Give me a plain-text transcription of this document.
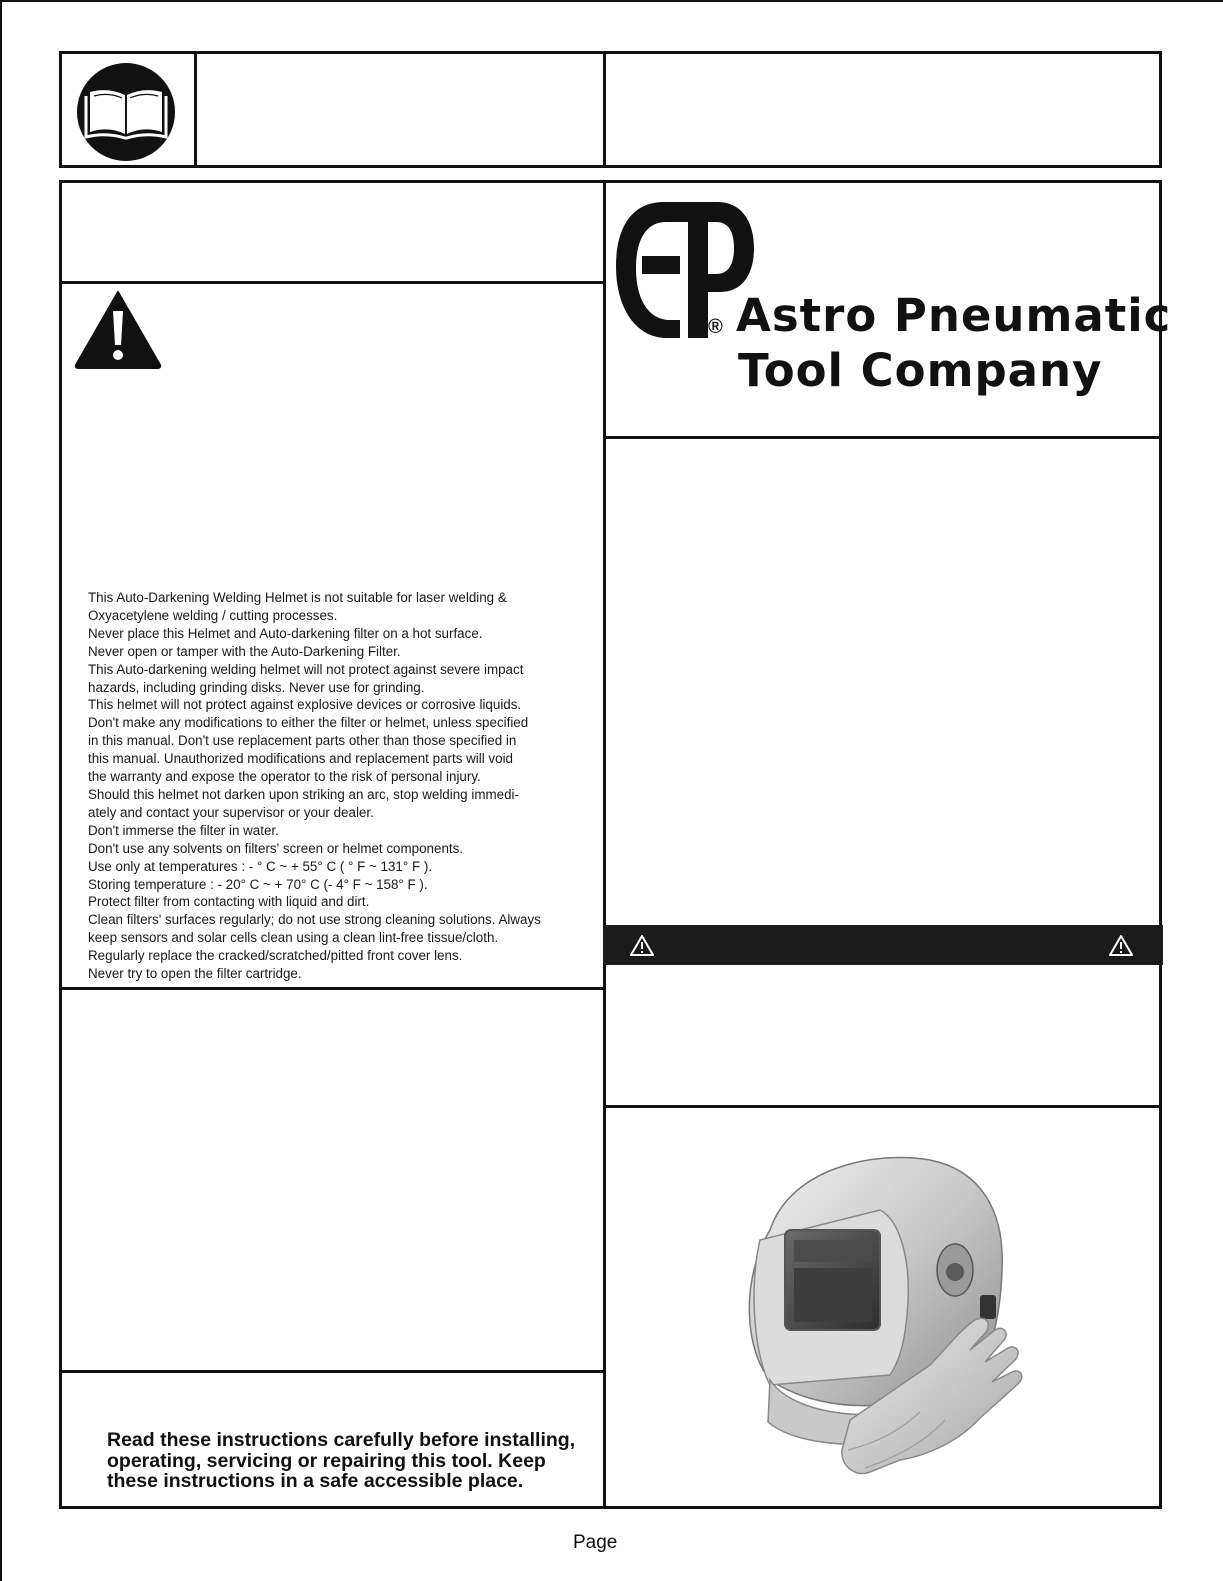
This Auto-Darkening Welding Helmet is not suitable for laser welding &
Oxyacetylene welding / cutting processes.
Never place this Helmet and Auto-darkening filter on a hot surface.
Never open or tamper with the Auto-Darkening Filter.
This Auto-darkening welding helmet will not protect against severe impact
hazards, including grinding disks. Never use for grinding.
This helmet will not protect against explosive devices or corrosive liquids.
Don't make any modifications to either the filter or helmet, unless specified
in this manual. Don't use replacement parts other than those specified in
this manual. Unauthorized modifications and replacement parts will void
the warranty and expose the operator to the risk of personal injury.
Should this helmet not darken upon striking an arc, stop welding immedi-
ately and contact your supervisor or your dealer.
Don't immerse the filter in water.
Don't use any solvents on filters' screen or helmet components.
Use only at temperatures : - ° C ~ + 55° C ( ° F ~ 131° F ).
Storing temperature : - 20° C ~ + 70° C (- 4° F ~ 158° F ).
Protect filter from contacting with liquid and dirt.
Clean filters' surfaces regularly; do not use strong cleaning solutions. Always
keep sensors and solar cells clean using a clean lint-free tissue/cloth.
Regularly replace the cracked/scratched/pitted front cover lens.
Never try to open the filter cartridge.
Read these instructions carefully before installing, operating, servicing or repairing this tool. Keep these instructions in a safe accessible place.
® Astro Pneumatic
Tool Company
Page
